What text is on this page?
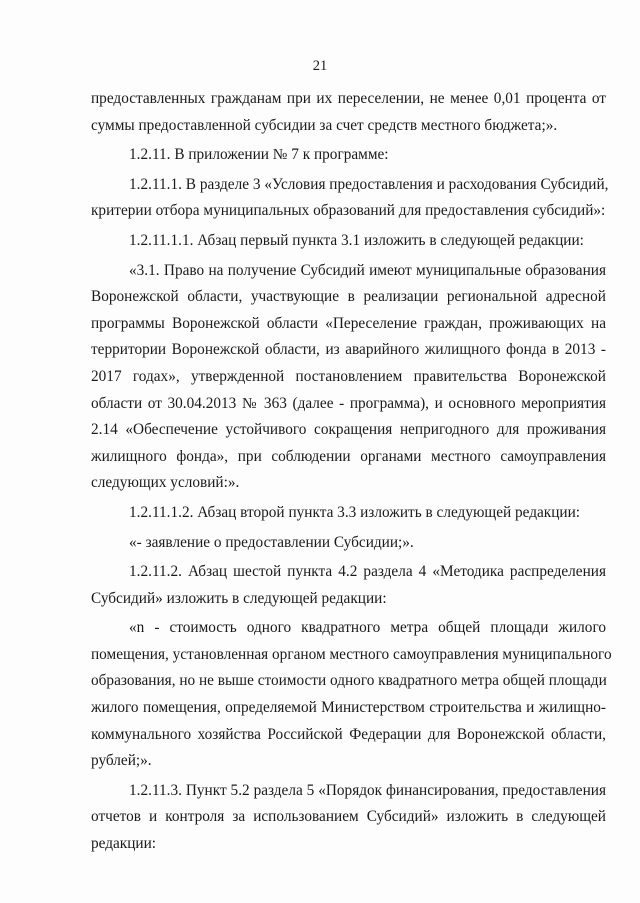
21
предоставленных гражданам при их переселении, не менее 0,01 процента от
суммы предоставленной субсидии за счет средств местного бюджета;».
1.2.11. В приложении № 7 к программе:
1.2.11.1. В разделе 3 «Условия предоставления и расходования Субсидий,
критерии отбора муниципальных образований для предоставления субсидий»:
1.2.11.1.1. Абзац первый пункта 3.1 изложить в следующей редакции:
«3.1. Право на получение Субсидий имеют муниципальные образования
Воронежской области, участвующие в реализации региональной адресной
программы Воронежской области «Переселение граждан, проживающих на
территории Воронежской области, из аварийного жилищного фонда в 2013 -
2017 годах», утвержденной постановлением правительства Воронежской
области от 30.04.2013 № 363 (далее - программа), и основного мероприятия
2.14 «Обеспечение устойчивого сокращения непригодного для проживания
жилищного фонда», при соблюдении органами местного самоуправления
следующих условий:».
1.2.11.1.2. Абзац второй пункта 3.3 изложить в следующей редакции:
«- заявление о предоставлении Субсидии;».
1.2.11.2. Абзац шестой пункта 4.2 раздела 4 «Методика распределения
Субсидий» изложить в следующей редакции:
«n - стоимость одного квадратного метра общей площади жилого
помещения, установленная органом местного самоуправления муниципального
образования, но не выше стоимости одного квадратного метра общей площади
жилого помещения, определяемой Министерством строительства и жилищно-
коммунального хозяйства Российской Федерации для Воронежской области,
рублей;».
1.2.11.3. Пункт 5.2 раздела 5 «Порядок финансирования, предоставления
отчетов и контроля за использованием Субсидий» изложить в следующей
редакции:
